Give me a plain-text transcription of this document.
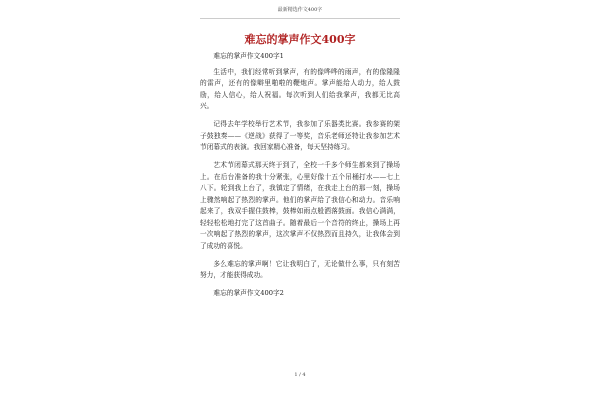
最新精选作文400字
难忘的掌声作文400字

难忘的掌声作文400字1

生活中，我们经常听到掌声，有的像哗哗的雨声，有的像隆隆的雷声，还有的像噼里啪啦的鞭炮声。掌声能给人动力，给人鼓励，给人信心，给人祝福。每次听到人们给我掌声，我都无比高兴。

记得去年学校举行艺术节，我参加了乐器类比赛。我参赛的架子鼓独奏——《逆战》获得了一等奖，音乐老师还特让我参加艺术节闭幕式的表演。我回家精心准备，每天坚持练习。

艺术节闭幕式那天终于到了，全校一千多个师生都来到了操场上。在后台准备的我十分紧张，心里好像十五个吊桶打水——七上八下。轮到我上台了，我镇定了情绪，在我走上台的那一刻，操场上骤然响起了热烈的掌声。他们的掌声给了我信心和动力。音乐响起来了，我双手握住鼓棒，鼓棒如雨点般洒落鼓面。我信心满满，轻轻松松地打完了这首曲子。随着最后一个音符的终止，操场上再一次响起了热烈的掌声，这次掌声不仅热烈而且持久，让我体会到了成功的喜悦。

多么难忘的掌声啊！它让我明白了，无论做什么事，只有刻苦努力，才能获得成功。

难忘的掌声作文400字2

1 / 4
